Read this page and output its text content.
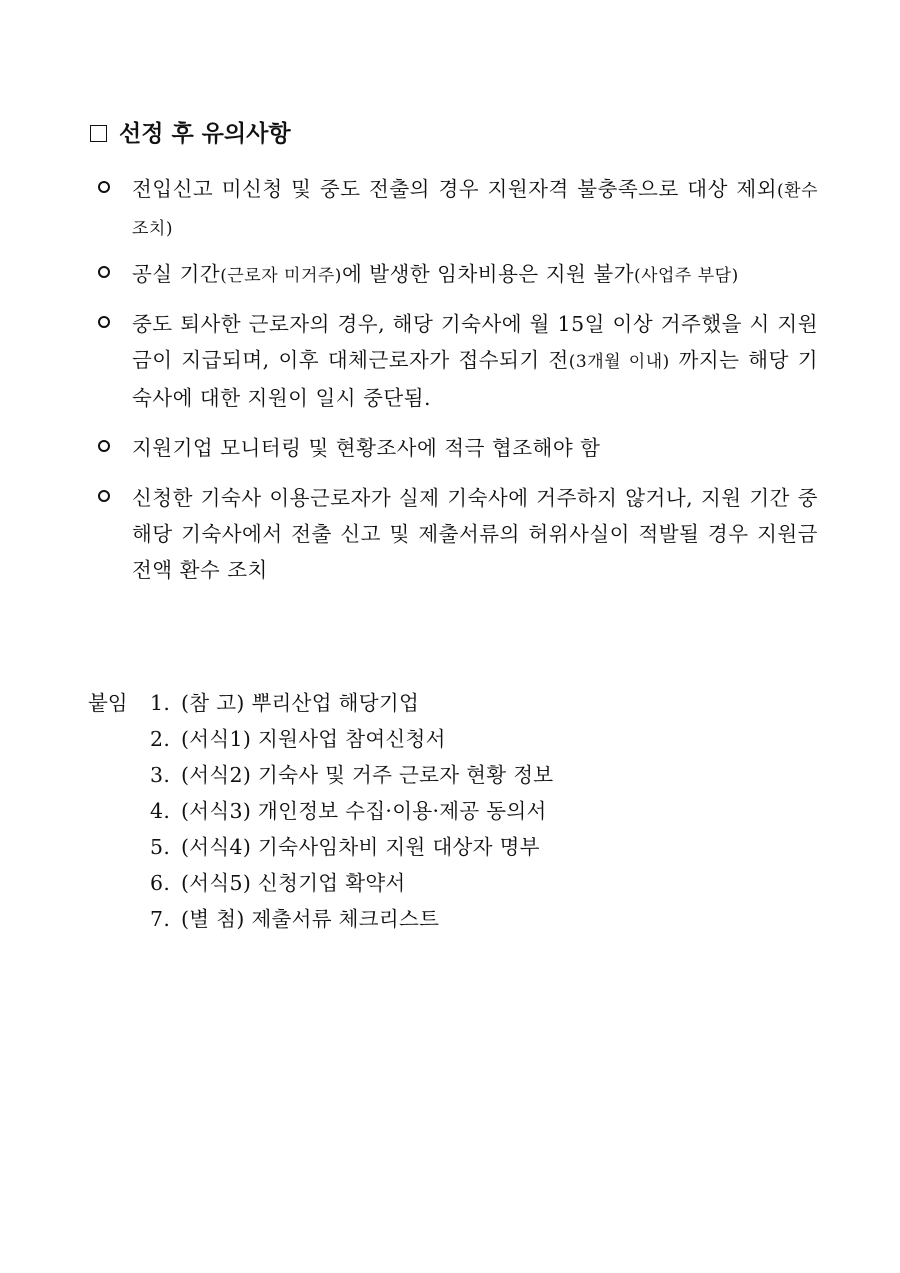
선정 후 유의사항
전입신고 미신청 및 중도 전출의 경우 지원자격 불충족으로 대상 제외(환수조치)
공실 기간(근로자 미거주)에 발생한 임차비용은 지원 불가(사업주 부담)
중도 퇴사한 근로자의 경우, 해당 기숙사에 월 15일 이상 거주했을 시 지원금이 지급되며, 이후 대체근로자가 접수되기 전(3개월 이내) 까지는 해당 기숙사에 대한 지원이 일시 중단됨.
지원기업 모니터링 및 현황조사에 적극 협조해야 함
신청한 기숙사 이용근로자가 실제 기숙사에 거주하지 않거나, 지원 기간 중 해당 기숙사에서 전출 신고 및 제출서류의 허위사실이 적발될 경우 지원금 전액 환수 조치
붙임 1. (참 고) 뿌리산업 해당기업
2. (서식1) 지원사업 참여신청서
3. (서식2) 기숙사 및 거주 근로자 현황 정보
4. (서식3) 개인정보 수집·이용·제공 동의서
5. (서식4) 기숙사임차비 지원 대상자 명부
6. (서식5) 신청기업 확약서
7. (별 첨) 제출서류 체크리스트
